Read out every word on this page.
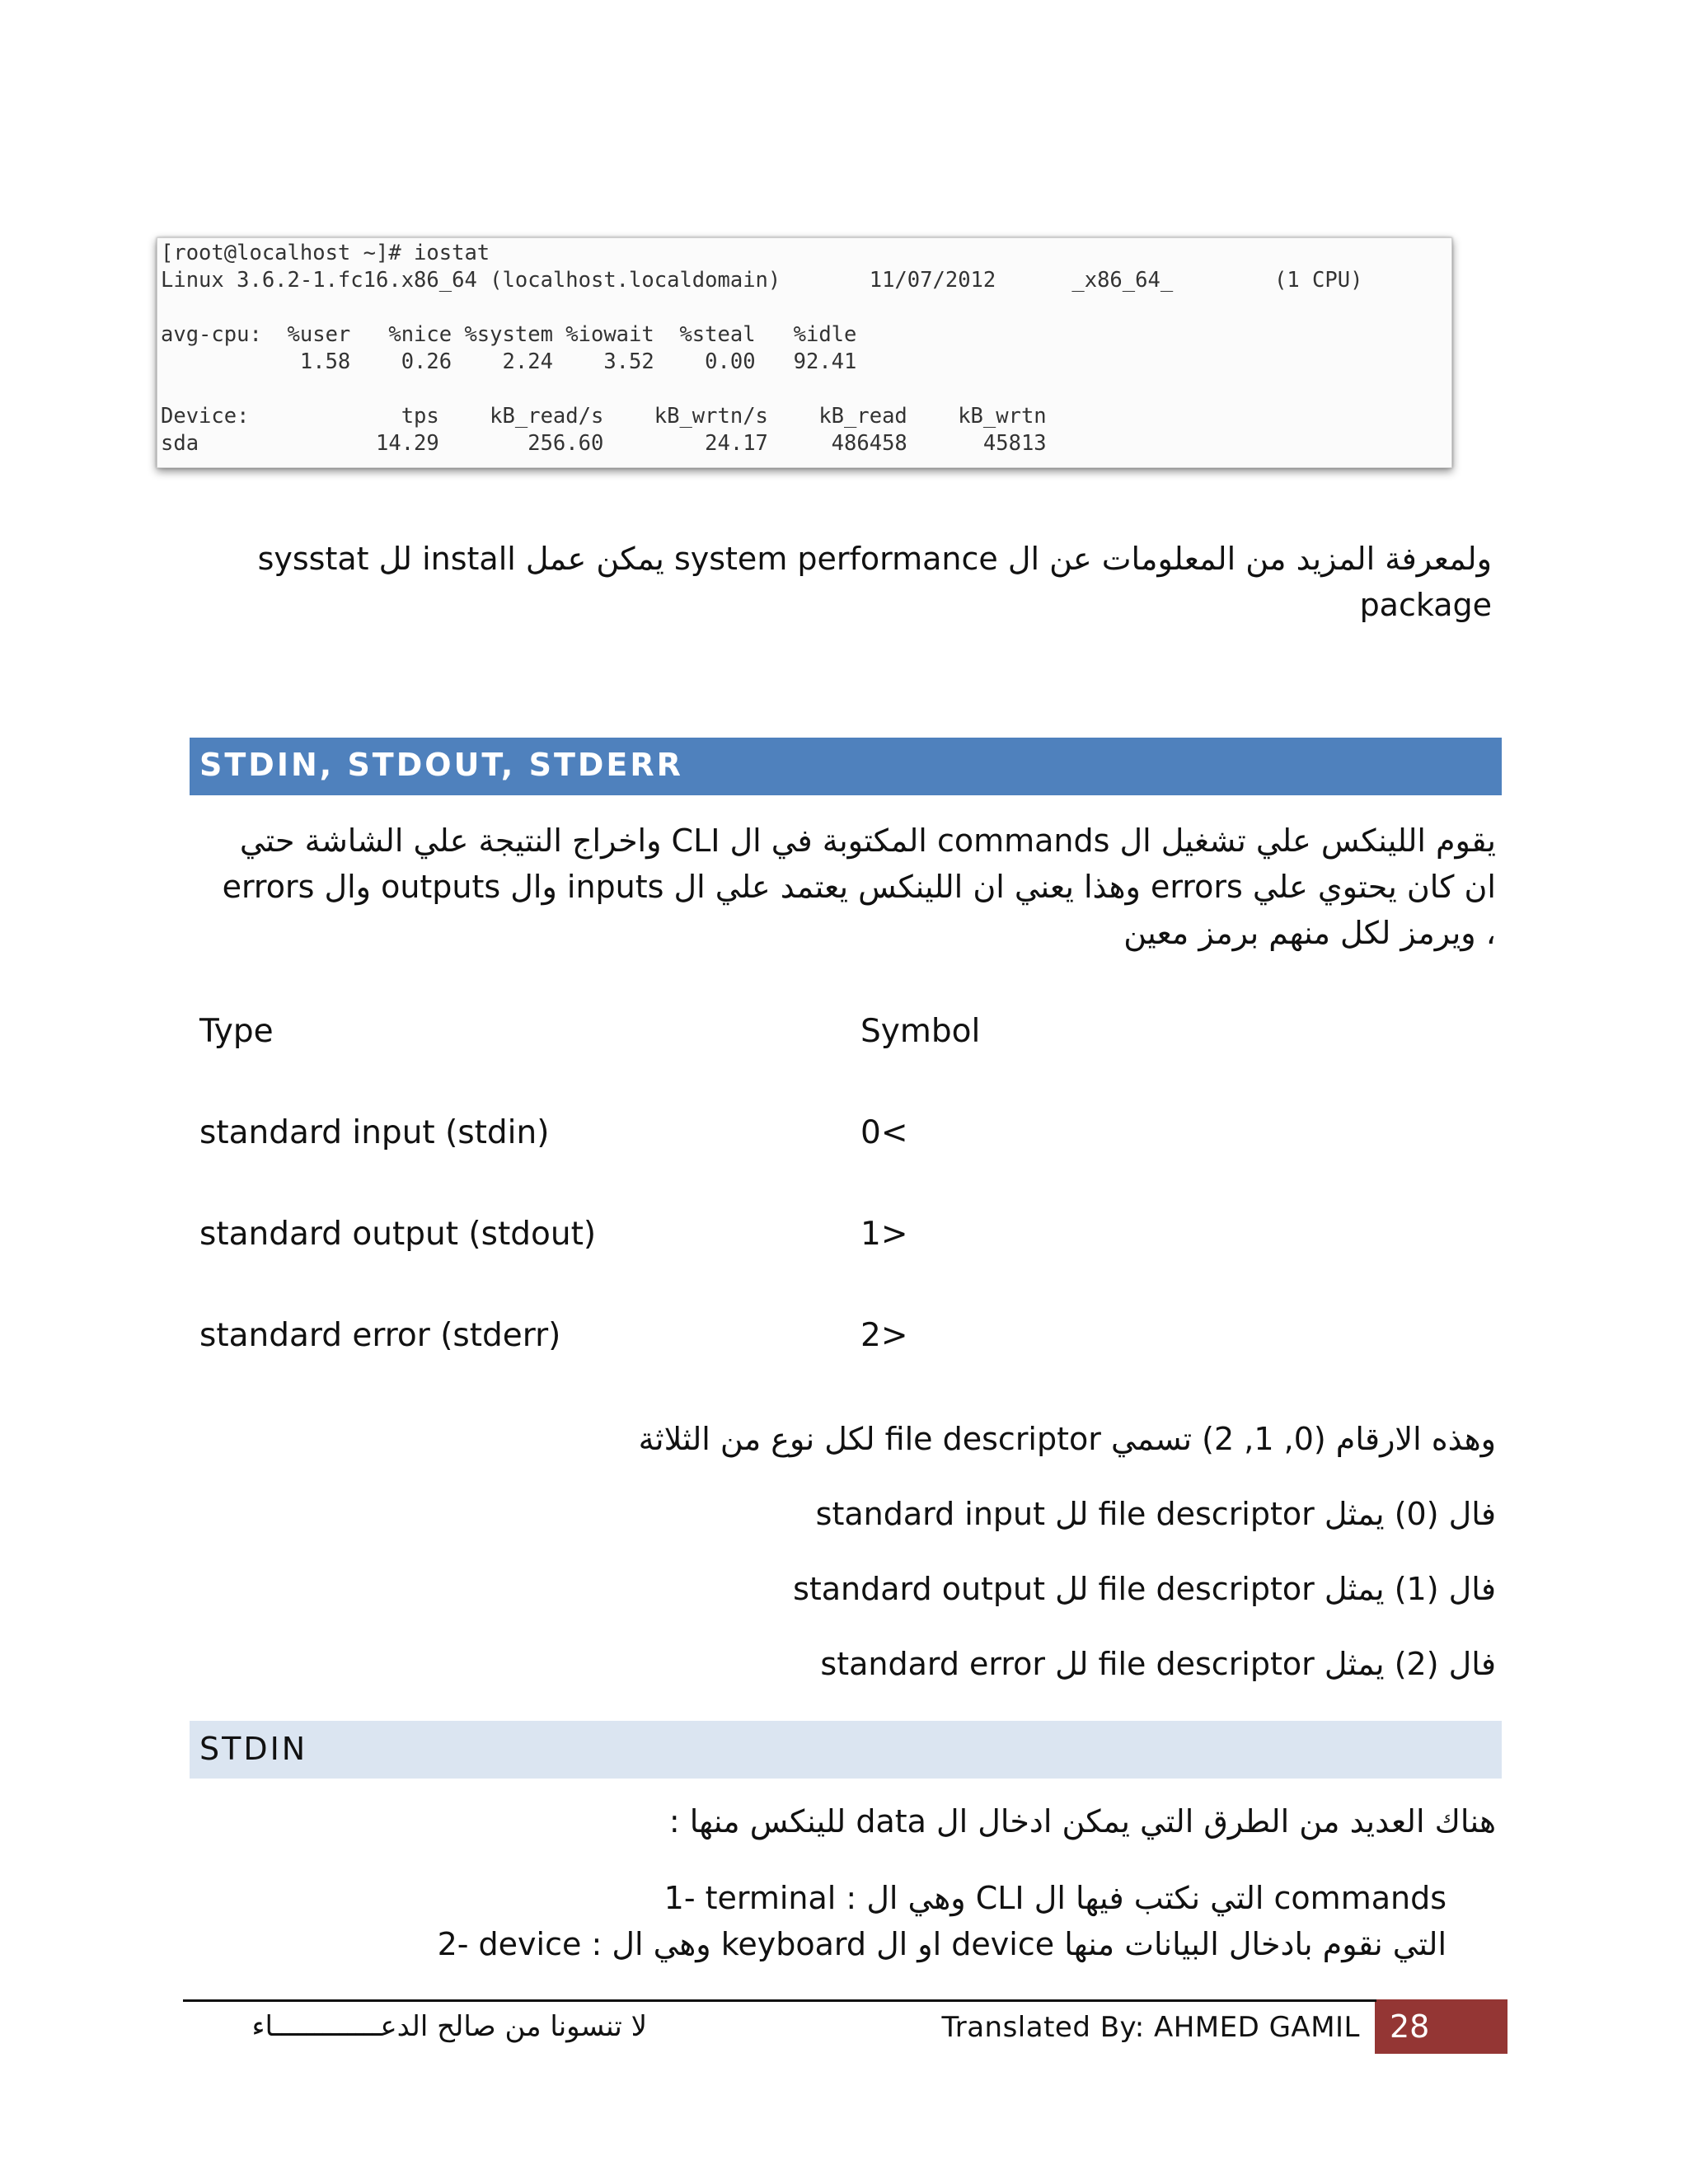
[root@localhost ~]# iostat
Linux 3.6.2-1.fc16.x86_64 (localhost.localdomain)       11/07/2012      _x86_64_        (1 CPU)

avg-cpu:  %user   %nice %system %iowait  %steal   %idle
1.58    0.26    2.24    3.52    0.00   92.41

Device:            tps    kB_read/s    kB_wrtn/s    kB_read    kB_wrtn
sda              14.29       256.60        24.17     486458      45813
ولمعرفة المزيد من المعلومات عن ال system performance يمكن عمل install لل sysstat package
STDIN, STDOUT, STDERR
يقوم اللينكس علي تشغيل ال commands المكتوبة في ال CLI واخراج النتيجة علي الشاشة حتي ان كان يحتوي علي errors وهذا يعني ان اللينكس يعتمد علي ال inputs وال outputs وال errors ، ويرمز لكل منهم برمز معين
Type	Symbol
standard input (stdin)	0<
standard output (stdout)	1>
standard error (stderr)	2>
وهذه الارقام (0, 1, 2) تسمي file descriptor لكل نوع من الثلاثة
فال (0) يمثل file descriptor لل standard input
فال (1) يمثل file descriptor لل standard output
فال (2) يمثل file descriptor لل standard error
STDIN
هناك العديد من الطرق التي يمكن ادخال ال data للينكس منها :
1- terminal : وهي ال CLI التي نكتب فيها ال commands
2- device : وهي ال keyboard او ال device التي نقوم بادخال البيانات منها
لا تنسونا من صالح الدعـــــــــــــاء	Translated By: AHMED GAMIL 28
